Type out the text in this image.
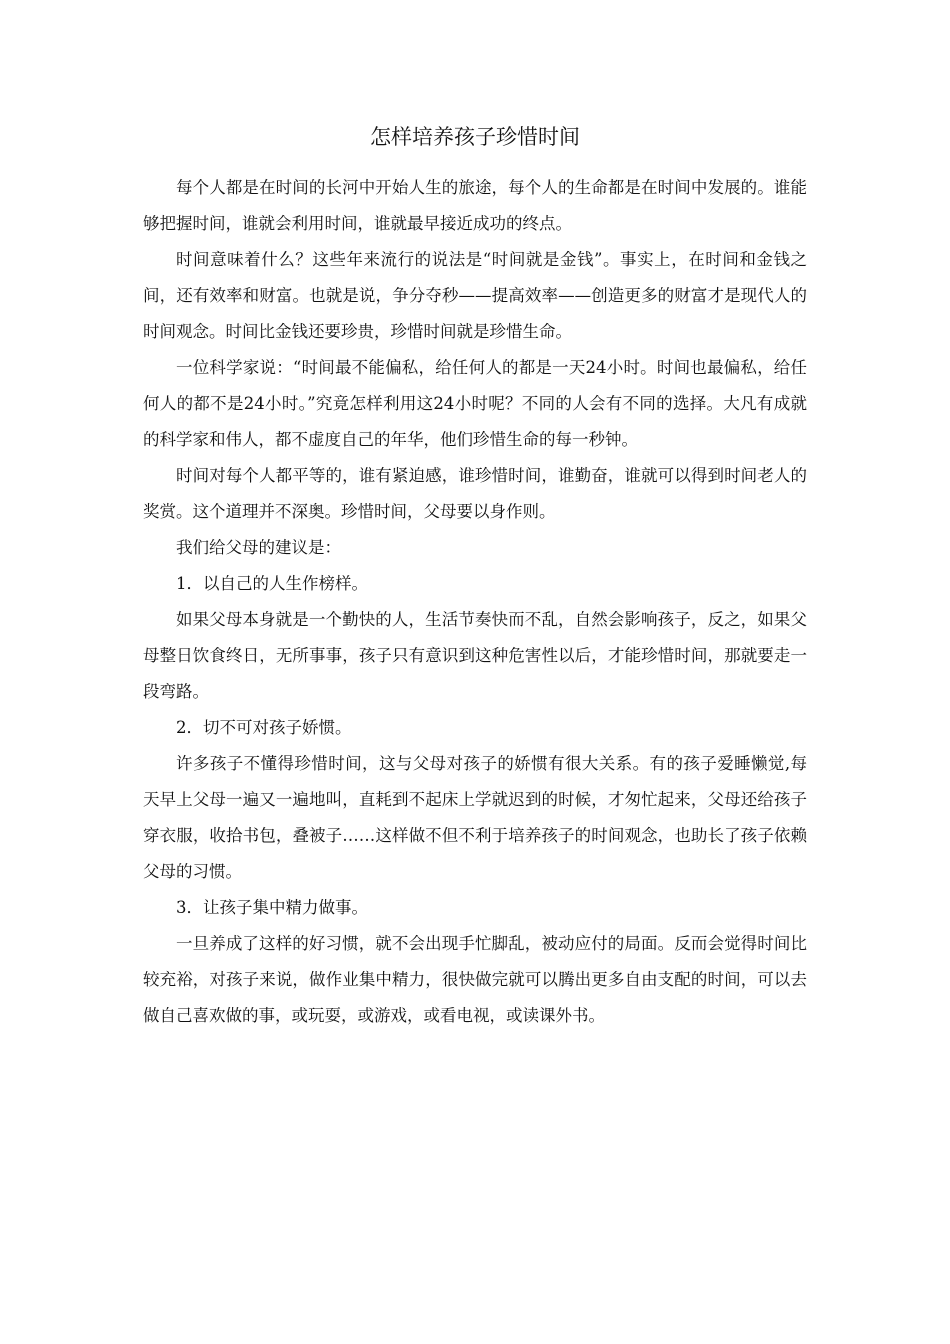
怎样培养孩子珍惜时间

每个人都是在时间的长河中开始人生的旅途，每个人的生命都是在时间中发展的。谁能够把握时间，谁就会利用时间，谁就最早接近成功的终点。

时间意味着什么？这些年来流行的说法是“时间就是金钱”。事实上，在时间和金钱之间，还有效率和财富。也就是说，争分夺秒——提高效率——创造更多的财富才是现代人的时间观念。时间比金钱还要珍贵，珍惜时间就是珍惜生命。

一位科学家说：“时间最不能偏私，给任何人的都是一天24小时。时间也最偏私，给任何人的都不是24小时。”究竟怎样利用这24小时呢？不同的人会有不同的选择。大凡有成就的科学家和伟人，都不虚度自己的年华，他们珍惜生命的每一秒钟。

时间对每个人都平等的，谁有紧迫感，谁珍惜时间，谁勤奋，谁就可以得到时间老人的奖赏。这个道理并不深奥。珍惜时间，父母要以身作则。

我们给父母的建议是：

1．以自己的人生作榜样。

如果父母本身就是一个勤快的人，生活节奏快而不乱，自然会影响孩子，反之，如果父母整日饮食终日，无所事事，孩子只有意识到这种危害性以后，才能珍惜时间，那就要走一段弯路。

2．切不可对孩子娇惯。

许多孩子不懂得珍惜时间，这与父母对孩子的娇惯有很大关系。有的孩子爱睡懒觉,每天早上父母一遍又一遍地叫，直耗到不起床上学就迟到的时候，才匆忙起来，父母还给孩子穿衣服，收拾书包，叠被子……这样做不但不利于培养孩子的时间观念，也助长了孩子依赖父母的习惯。

3．让孩子集中精力做事。

一旦养成了这样的好习惯，就不会出现手忙脚乱，被动应付的局面。反而会觉得时间比较充裕，对孩子来说，做作业集中精力，很快做完就可以腾出更多自由支配的时间，可以去做自己喜欢做的事，或玩耍，或游戏，或看电视，或读课外书。
